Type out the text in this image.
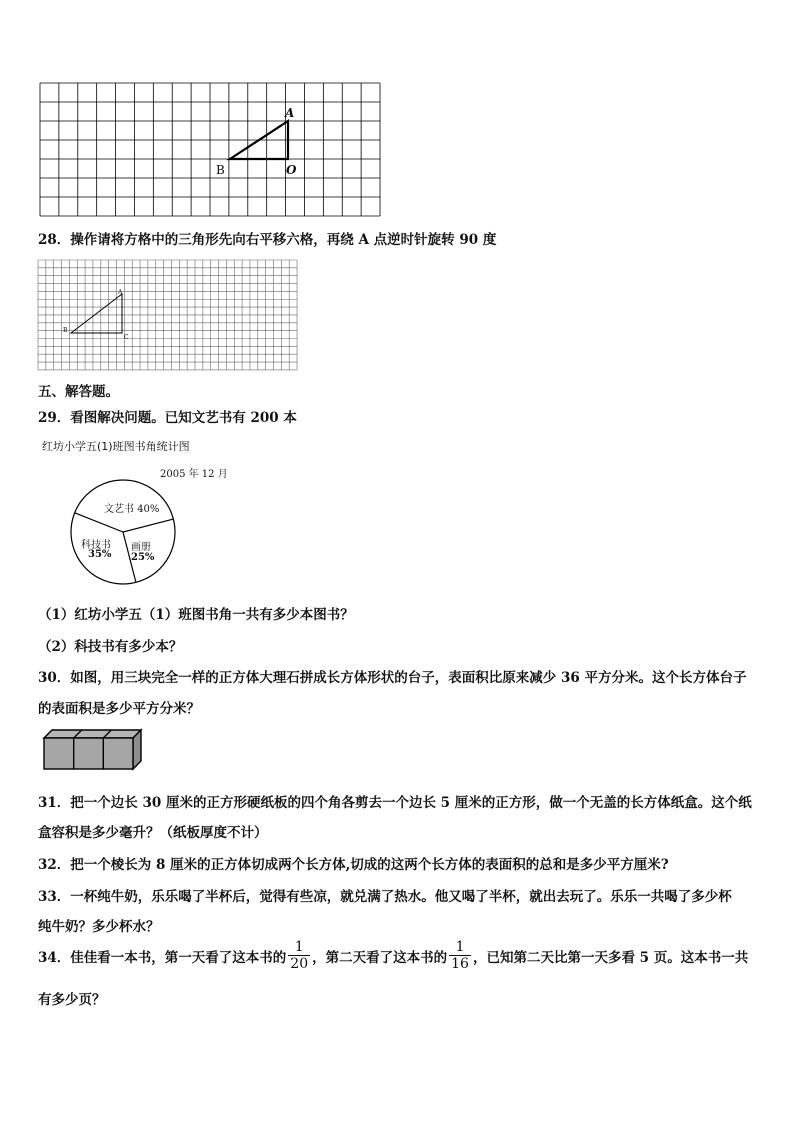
A
B	O
28．操作请将方格中的三角形先向右平移六格，再绕 A 点逆时针旋转 90 度
A
B
C
五、解答题。
29．看图解决问题。已知文艺书有 200 本
红坊小学五(1)班图书角统计图
2005 年 12 月
文艺书 40%
科技书
35%
画册
25%
（1）红坊小学五（1）班图书角一共有多少本图书？
（2）科技书有多少本？
30．如图，用三块完全一样的正方体大理石拼成长方体形状的台子，表面积比原来减少 36 平方分米。这个长方体台子
的表面积是多少平方分米？
31．把一个边长 30 厘米的正方形硬纸板的四个角各剪去一个边长 5 厘米的正方形，做一个无盖的长方体纸盒。这个纸
盒容积是多少毫升？（纸板厚度不计）
32．把一个棱长为 8 厘米的正方体切成两个长方体,切成的这两个长方体的表面积的总和是多少平方厘米?
33．一杯纯牛奶，乐乐喝了半杯后，觉得有些凉，就兑满了热水。他又喝了半杯，就出去玩了。乐乐一共喝了多少杯
纯牛奶？多少杯水？
34．佳佳看一本书，第一天看了这本书的 $\frac{1}{20}$ ，第二天看了这本书的 $\frac{1}{16}$ ，已知第二天比第一天多看 5 页。这本书一共
有多少页？
